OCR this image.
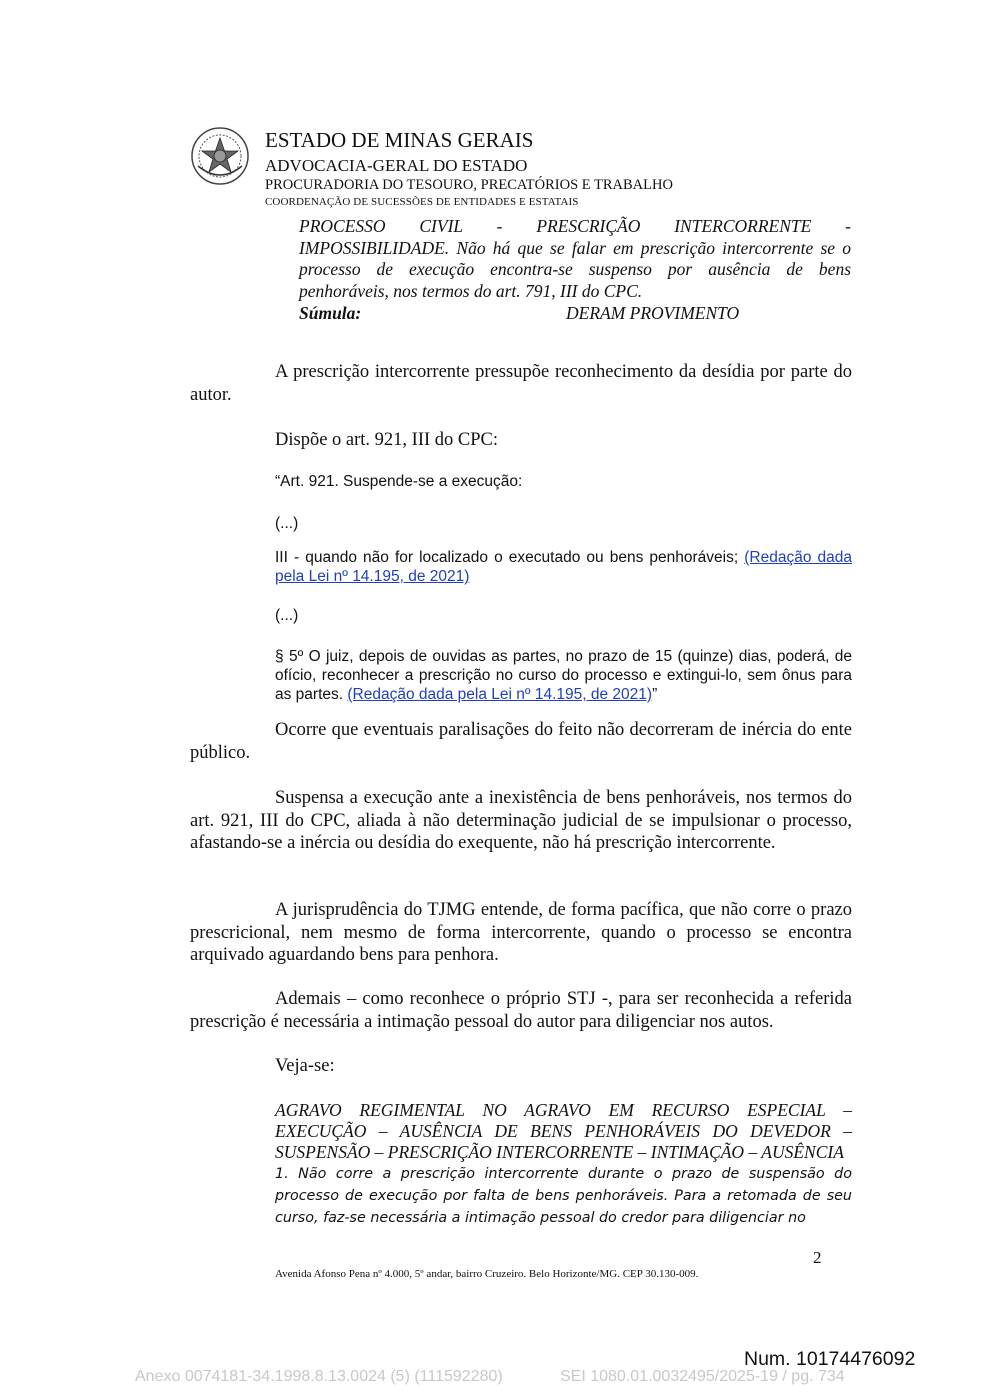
ESTADO DE MINAS GERAIS
ADVOCACIA-GERAL DO ESTADO
PROCURADORIA DO TESOURO, PRECATÓRIOS E TRABALHO
COORDENAÇÃO DE SUCESSÕES DE ENTIDADES E ESTATAIS
PROCESSO CIVIL - PRESCRIÇÃO INTERCORRENTE - IMPOSSIBILIDADE. Não há que se falar em prescrição intercorrente se o processo de execução encontra-se suspenso por ausência de bens penhoráveis, nos termos do art. 791, III do CPC.
Súmula:	DERAM PROVIMENTO
A prescrição intercorrente pressupõe reconhecimento da desídia por parte do autor.
Dispõe o art. 921, III do CPC:
“Art. 921. Suspende-se a execução:
(...)
III - quando não for localizado o executado ou bens penhoráveis; (Redação dada pela Lei nº 14.195, de 2021)
(...)
§ 5º O juiz, depois de ouvidas as partes, no prazo de 15 (quinze) dias, poderá, de ofício, reconhecer a prescrição no curso do processo e extingui-lo, sem ônus para as partes. (Redação dada pela Lei nº 14.195, de 2021)”
Ocorre que eventuais paralisações do feito não decorreram de inércia do ente público.
Suspensa a execução ante a inexistência de bens penhoráveis, nos termos do art. 921, III do CPC, aliada à não determinação judicial de se impulsionar o processo, afastando-se a inércia ou desídia do exequente, não há prescrição intercorrente.
A jurisprudência do TJMG entende, de forma pacífica, que não corre o prazo prescricional, nem mesmo de forma intercorrente, quando o processo se encontra arquivado aguardando bens para penhora.
Ademais – como reconhece o próprio STJ -, para ser reconhecida a referida prescrição é necessária a intimação pessoal do autor para diligenciar nos autos.
Veja-se:
AGRAVO REGIMENTAL NO AGRAVO EM RECURSO ESPECIAL – EXECUÇÃO – AUSÊNCIA DE BENS PENHORÁVEIS DO DEVEDOR – SUSPENSÃO – PRESCRIÇÃO INTERCORRENTE – INTIMAÇÃO – AUSÊNCIA
1. Não corre a prescrição intercorrente durante o prazo de suspensão do processo de execução por falta de bens penhoráveis. Para a retomada de seu curso, faz-se necessária a intimação pessoal do credor para diligenciar no
2
Avenida Afonso Pena nº 4.000, 5º andar, bairro Cruzeiro. Belo Horizonte/MG. CEP 30.130-009.
Num. 10174476092
Anexo 0074181-34.1998.8.13.0024 (5) (111592280)	SEI 1080.01.0032495/2025-19 / pg. 734
